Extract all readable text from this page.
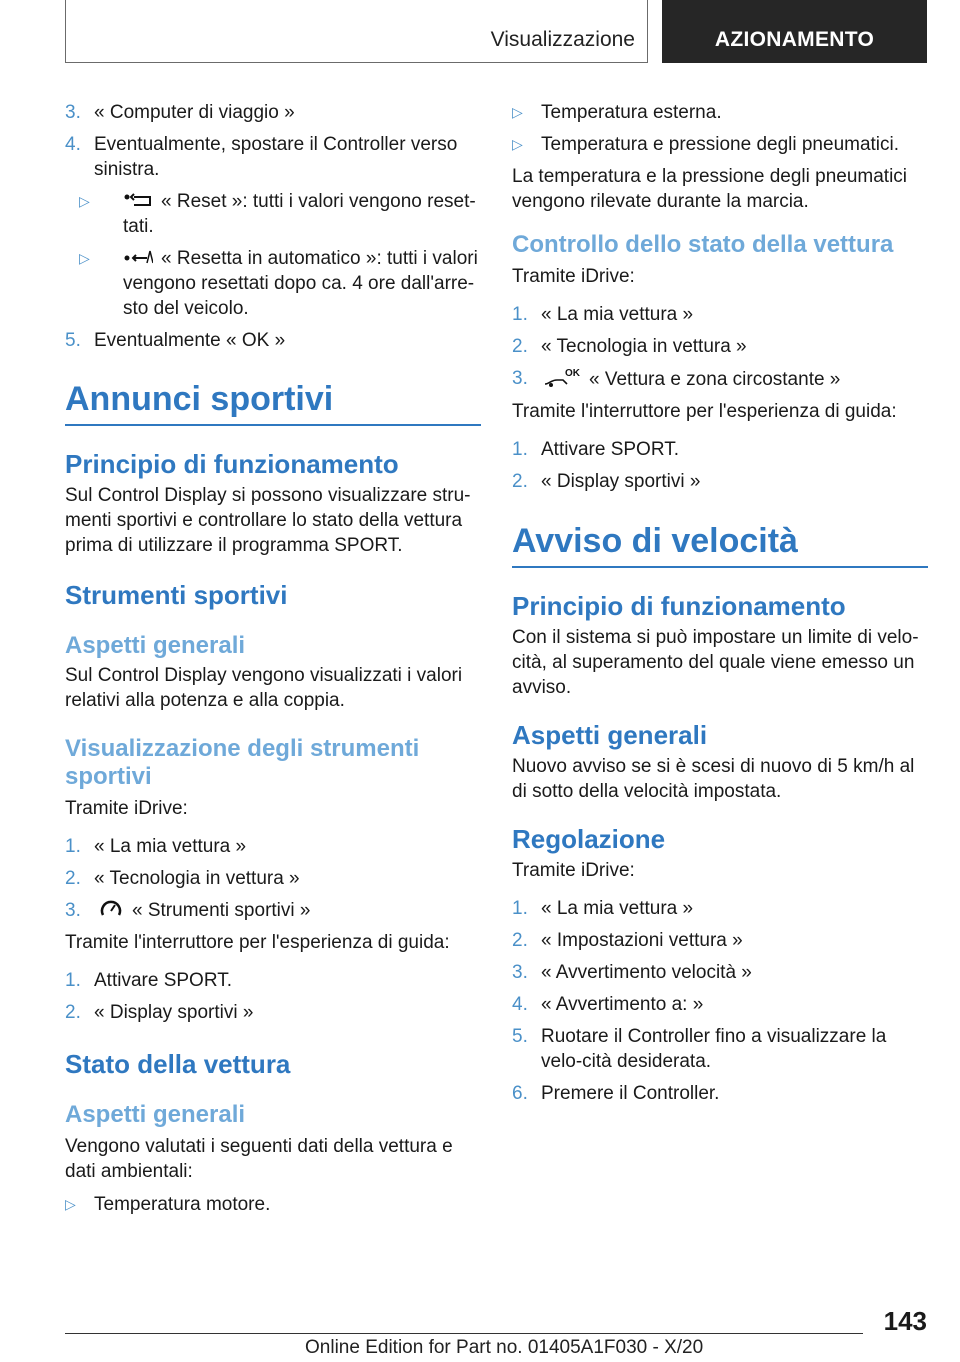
Visualizzazione	AZIONAMENTO
3. « Computer di viaggio »
4. Eventualmente, spostare il Controller verso sinistra.
▷	« Reset »: tutti i valori vengono reset-tati.
▷	« Resetta in automatico »: tutti i valori vengono resettati dopo ca. 4 ore dall'arre-sto del veicolo.
5. Eventualmente « OK »

Annunci sportivi

Principio di funzionamento

Sul Control Display si possono visualizzare stru-menti sportivi e controllare lo stato della vettura prima di utilizzare il programma SPORT.

Strumenti sportivi

Aspetti generali

Sul Control Display vengono visualizzati i valori relativi alla potenza e alla coppia.

Visualizzazione degli strumenti sportivi

Tramite iDrive:

1. « La mia vettura »
2. « Tecnologia in vettura »
3.	« Strumenti sportivi »

Tramite l'interruttore per l'esperienza di guida:

1. Attivare SPORT.
2. « Display sportivi »

Stato della vettura

Aspetti generali

Vengono valutati i seguenti dati della vettura e dati ambientali:

▷ Temperatura motore.
▷ Temperatura esterna.
▷ Temperatura e pressione degli pneumatici.

La temperatura e la pressione degli pneumatici vengono rilevate durante la marcia.

Controllo dello stato della vettura

Tramite iDrive:

1. « La mia vettura »
2. « Tecnologia in vettura »
3.	OK « Vettura e zona circostante »

Tramite l'interruttore per l'esperienza di guida:

1. Attivare SPORT.
2. « Display sportivi »

Avviso di velocità

Principio di funzionamento

Con il sistema si può impostare un limite di velo-cità, al superamento del quale viene emesso un avviso.

Aspetti generali

Nuovo avviso se si è scesi di nuovo di 5 km/h al di sotto della velocità impostata.

Regolazione

Tramite iDrive:

1. « La mia vettura »
2. « Impostazioni vettura »
3. « Avvertimento velocità »
4. « Avvertimento a: »
5. Ruotare il Controller fino a visualizzare la velo-cità desiderata.
6. Premere il Controller.
143
Online Edition for Part no. 01405A1F030 - X/20
